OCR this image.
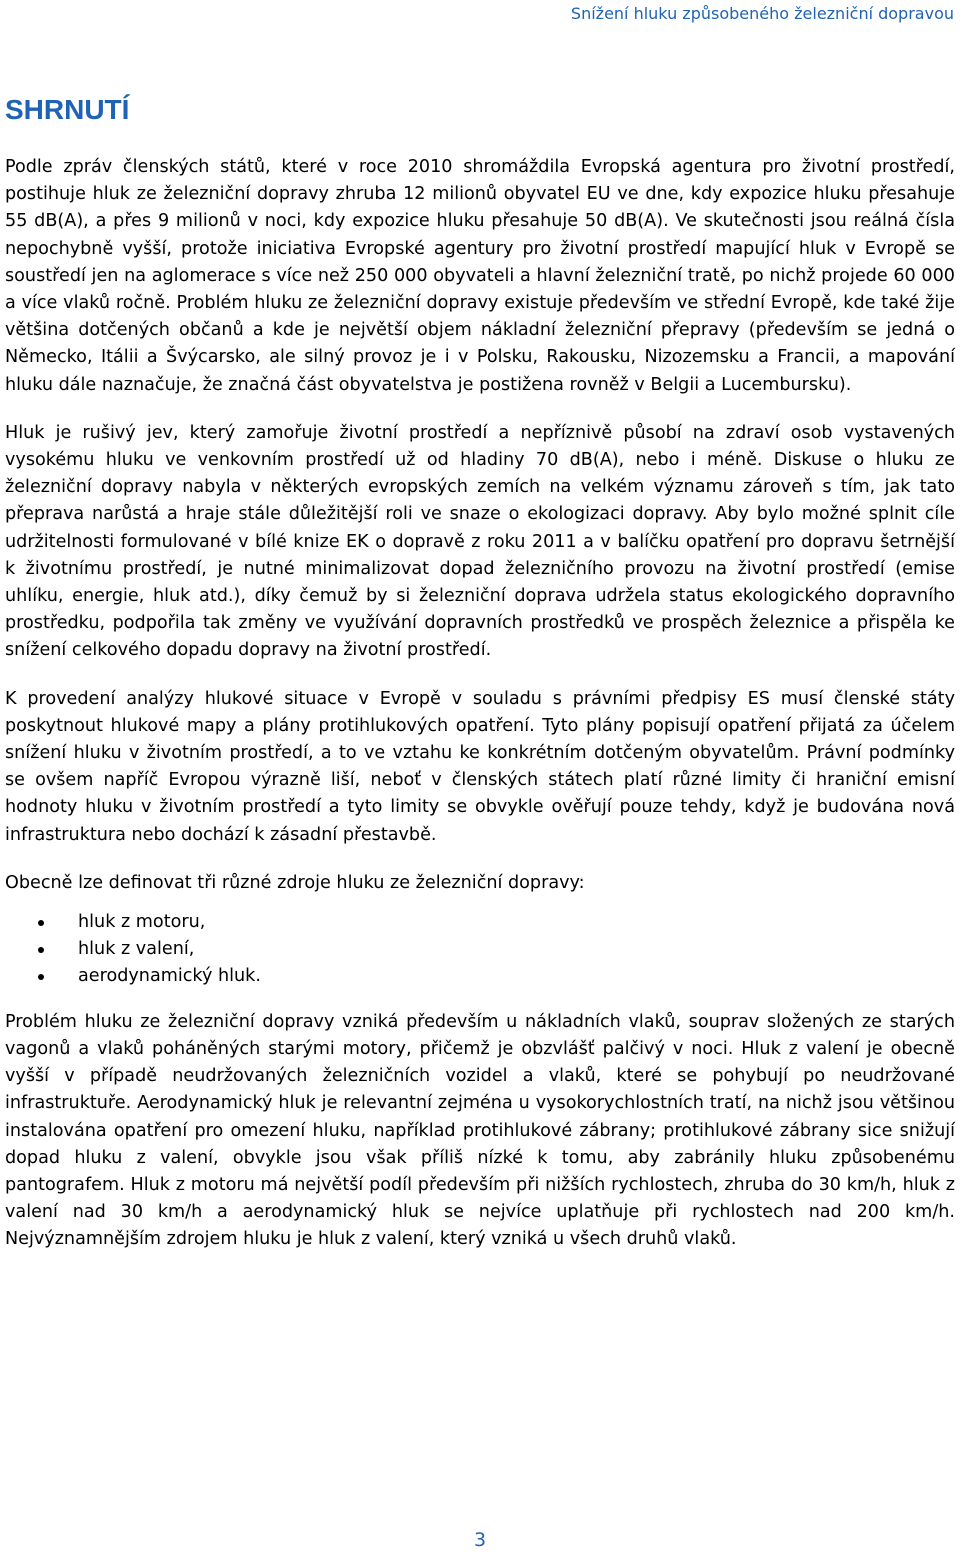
Snížení hluku způsobeného železniční dopravou
SHRNUTÍ

Podle zpráv členských států, které v roce 2010 shromáždila Evropská agentura pro životní prostředí, postihuje hluk ze železniční dopravy zhruba 12 milionů obyvatel EU ve dne, kdy expozice hluku přesahuje 55 dB(A), a přes 9 milionů v noci, kdy expozice hluku přesahuje 50 dB(A). Ve skutečnosti jsou reálná čísla nepochybně vyšší, protože iniciativa Evropské agentury pro životní prostředí mapující hluk v Evropě se soustředí jen na aglomerace s více než 250 000 obyvateli a hlavní železniční tratě, po nichž projede 60 000 a více vlaků ročně. Problém hluku ze železniční dopravy existuje především ve střední Evropě, kde také žije většina dotčených občanů a kde je největší objem nákladní železniční přepravy (především se jedná o Německo, Itálii a Švýcarsko, ale silný provoz je i v Polsku, Rakousku, Nizozemsku a Francii, a mapování hluku dále naznačuje, že značná část obyvatelstva je postižena rovněž v Belgii a Lucembursku).

Hluk je rušivý jev, který zamořuje životní prostředí a nepříznivě působí na zdraví osob vystavených vysokému hluku ve venkovním prostředí už od hladiny 70 dB(A), nebo i méně. Diskuse o hluku ze železniční dopravy nabyla v některých evropských zemích na velkém významu zároveň s tím, jak tato přeprava narůstá a hraje stále důležitější roli ve snaze o ekologizaci dopravy. Aby bylo možné splnit cíle udržitelnosti formulované v bílé knize EK o dopravě z roku 2011 a v balíčku opatření pro dopravu šetrnější k životnímu prostředí, je nutné minimalizovat dopad železničního provozu na životní prostředí (emise uhlíku, energie, hluk atd.), díky čemuž by si železniční doprava udržela status ekologického dopravního prostředku, podpořila tak změny ve využívání dopravních prostředků ve prospěch železnice a přispěla ke snížení celkového dopadu dopravy na životní prostředí.

K provedení analýzy hlukové situace v Evropě v souladu s právními předpisy ES musí členské státy poskytnout hlukové mapy a plány protihlukových opatření. Tyto plány popisují opatření přijatá za účelem snížení hluku v životním prostředí, a to ve vztahu ke konkrétním dotčeným obyvatelům. Právní podmínky se ovšem napříč Evropou výrazně liší, neboť v členských státech platí různé limity či hraniční emisní hodnoty hluku v životním prostředí a tyto limity se obvykle ověřují pouze tehdy, když je budována nová infrastruktura nebo dochází k zásadní přestavbě.

Obecně lze definovat tři různé zdroje hluku ze železniční dopravy:

hluk z motoru,
hluk z valení,
aerodynamický hluk.

Problém hluku ze železniční dopravy vzniká především u nákladních vlaků, souprav složených ze starých vagonů a vlaků poháněných starými motory, přičemž je obzvlášť palčivý v noci. Hluk z valení je obecně vyšší v případě neudržovaných železničních vozidel a vlaků, které se pohybují po neudržované infrastruktuře. Aerodynamický hluk je relevantní zejména u vysokorychlostních tratí, na nichž jsou většinou instalována opatření pro omezení hluku, například protihlukové zábrany; protihlukové zábrany sice snižují dopad hluku z valení, obvykle jsou však příliš nízké k tomu, aby zabránily hluku způsobenému pantografem. Hluk z motoru má největší podíl především při nižších rychlostech, zhruba do 30 km/h, hluk z valení nad 30 km/h a aerodynamický hluk se nejvíce uplatňuje při rychlostech nad 200 km/h. Nejvýznamnějším zdrojem hluku je hluk z valení, který vzniká u všech druhů vlaků.

3
